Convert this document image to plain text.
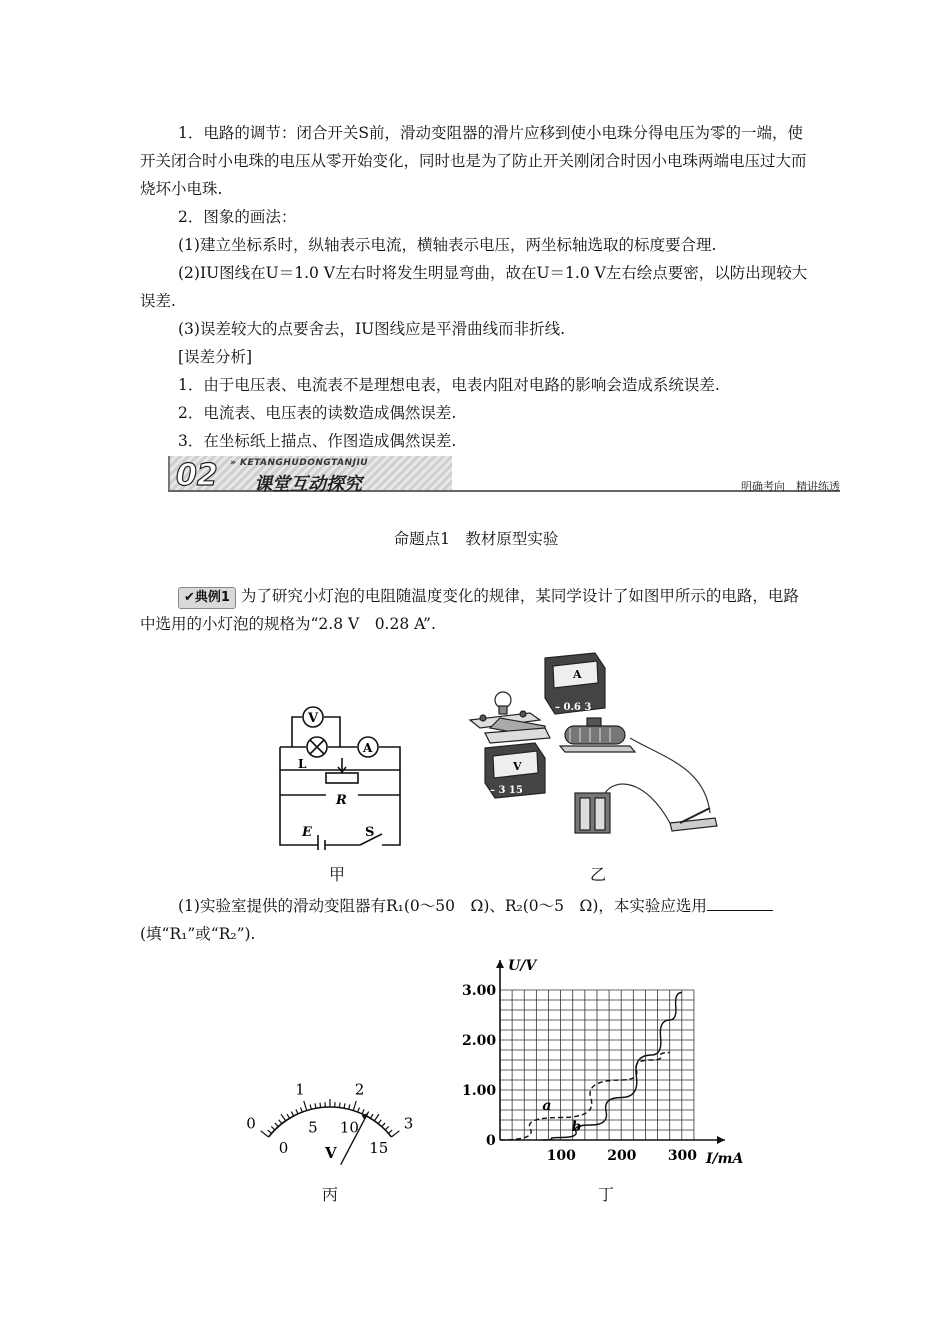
1．电路的调节：闭合开关S前，滑动变阻器的滑片应移到使小电珠分得电压为零的一端，使开关闭合时小电珠的电压从零开始变化，同时也是为了防止开关刚闭合时因小电珠两端电压过大而烧坏小电珠.

2．图象的画法：

(1)建立坐标系时，纵轴表示电流，横轴表示电压，两坐标轴选取的标度要合理.

(2)IU图线在U＝1.0 V左右时将发生明显弯曲，故在U＝1.0 V左右绘点要密，以防出现较大误差.

(3)误差较大的点要舍去，IU图线应是平滑曲线而非折线.

[误差分析]

1．由于电压表、电流表不是理想电表，电表内阻对电路的影响会造成系统误差.

2．电流表、电压表的读数造成偶然误差.

3．在坐标纸上描点、作图造成偶然误差.

02 » KETANGHUDONGTANJIU
课堂互动探究	明确考向　精讲练透
命题点1　教材原型实验

✔典例1 为了研究小灯泡的电阻随温度变化的规律，某同学设计了如图甲所示的电路，电路中选用的小灯泡的规格为“2.8 V　0.28 A”.

V
A
L
R
E	S
A
– 0.6 3
V
– 3 15
甲	乙

(1)实验室提供的滑动变阻器有R₁(0～50　Ω)、R₂(0～5　Ω)，本实验应选用

(填“R₁”或“R₂”).

0
1	2
3
0
5 10
15
V	100 200 300
0
1.00
2.00
3.00
a
b
U/V
I/mA
丙	丁
